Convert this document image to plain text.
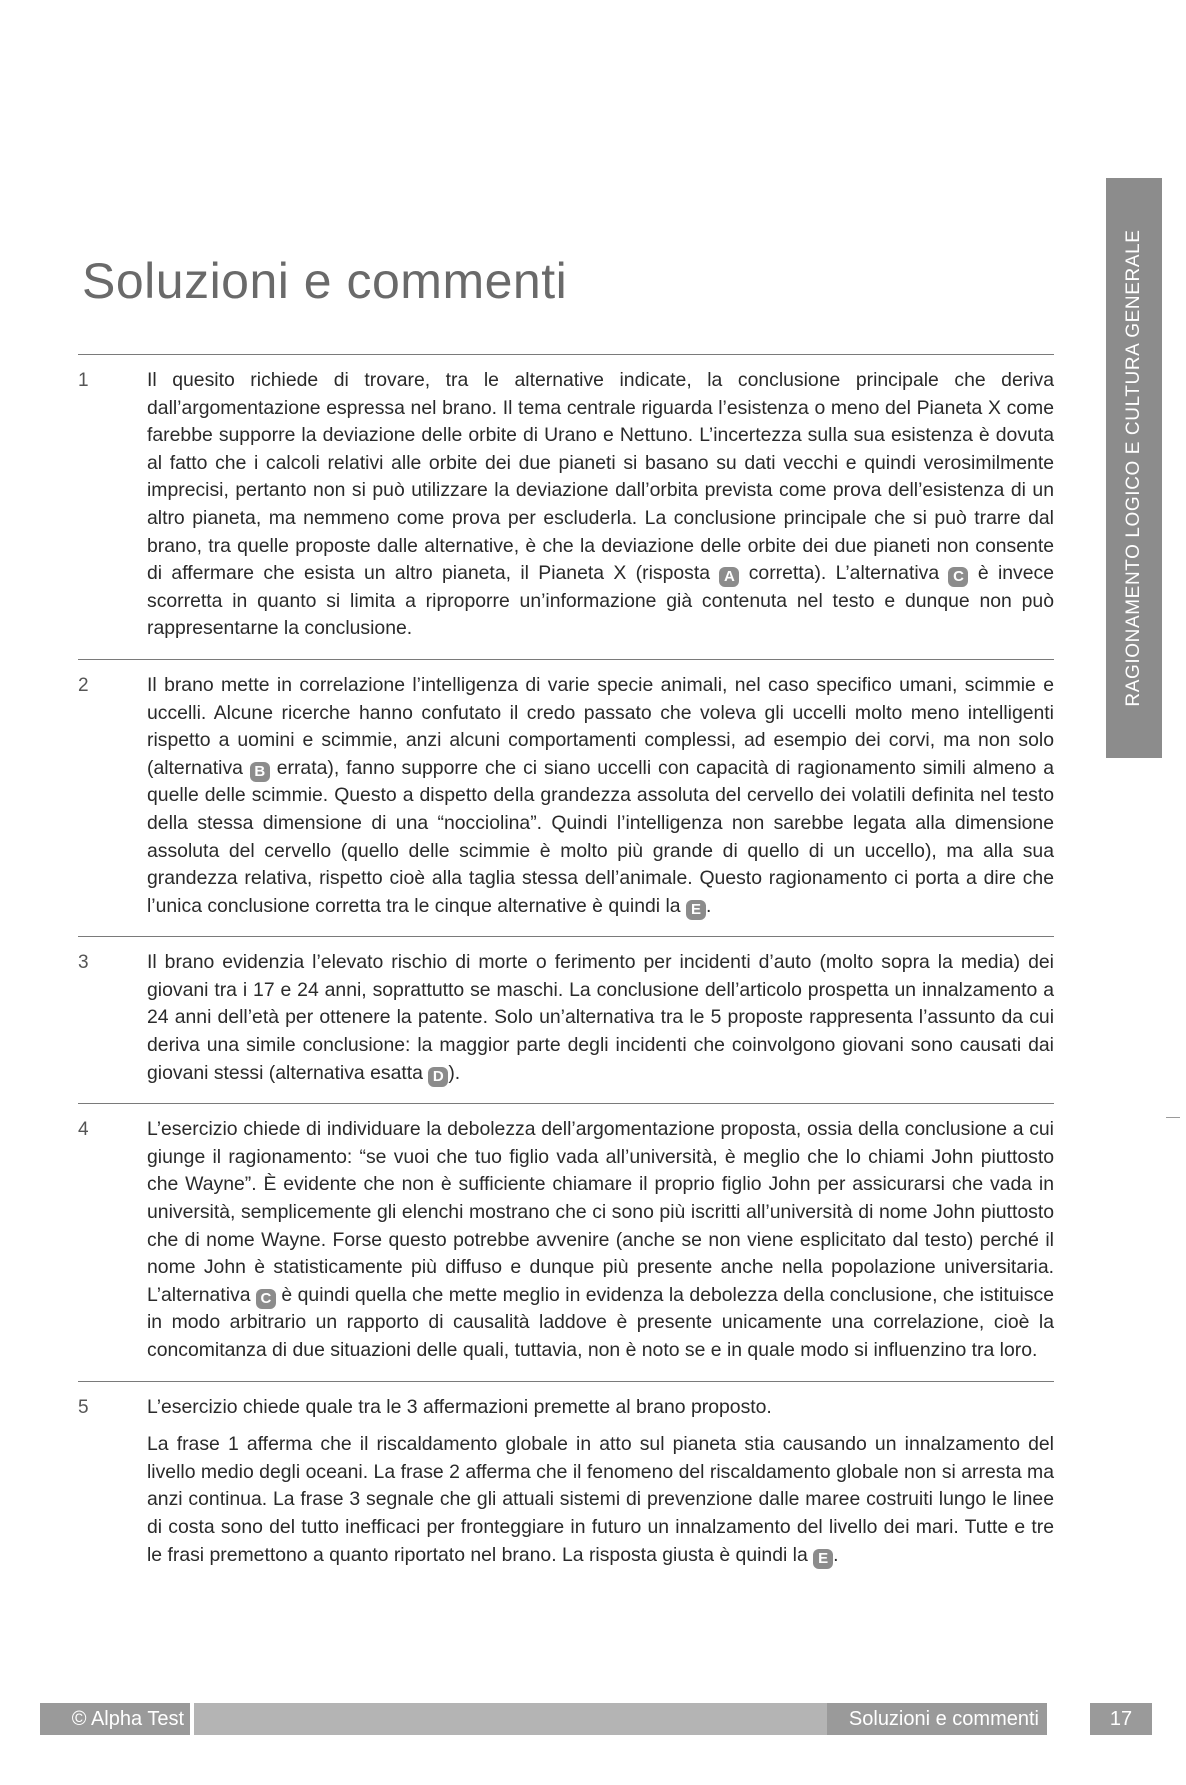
RAGIONAMENTO LOGICO E CULTURA GENERALE
Soluzioni e commenti
1	Il quesito richiede di trovare, tra le alternative indicate, la conclusione principale che deriva dall’argomentazione espressa nel brano. Il tema centrale riguarda l’esistenza o meno del Pianeta X come farebbe supporre la deviazione delle orbite di Urano e Nettuno. L’incertezza sulla sua esistenza è dovuta al fatto che i calcoli relativi alle orbite dei due pianeti si basano su dati vecchi e quindi verosimilmente imprecisi, pertanto non si può utilizzare la deviazione dall’orbita prevista come prova dell’esistenza di un altro pianeta, ma nemmeno come prova per escluderla. La conclusione principale che si può trarre dal brano, tra quelle proposte dalle alternative, è che la deviazione delle orbite dei due pianeti non consente di affermare che esista un altro pianeta, il Pianeta X (risposta A corretta). L’alternativa C è invece scorretta in quanto si limita a riproporre un’informazione già contenuta nel testo e dunque non può rappresentarne la conclusione.

2	Il brano mette in correlazione l’intelligenza di varie specie animali, nel caso specifico umani, scimmie e uccelli. Alcune ricerche hanno confutato il credo passato che voleva gli uccelli molto meno intelligenti rispetto a uomini e scimmie, anzi alcuni comportamenti complessi, ad esempio dei corvi, ma non solo (alternativa B errata), fanno supporre che ci siano uccelli con capacità di ragionamento simili almeno a quelle delle scimmie. Questo a dispetto della grandezza assoluta del cervello dei volatili definita nel testo della stessa dimensione di una “nocciolina”. Quindi l’intelligenza non sarebbe legata alla dimensione assoluta del cervello (quello delle scimmie è molto più grande di quello di un uccello), ma alla sua grandezza relativa, rispetto cioè alla taglia stessa dell’animale. Questo ragionamento ci porta a dire che l’unica conclusione corretta tra le cinque alternative è quindi la E .

3	Il brano evidenzia l’elevato rischio di morte o ferimento per incidenti d’auto (molto sopra la media) dei giovani tra i 17 e 24 anni, soprattutto se maschi. La conclusione dell’articolo prospetta un innalzamento a 24 anni dell’età per ottenere la patente. Solo un’alternativa tra le 5 proposte rappresenta l’assunto da cui deriva una simile conclusione: la maggior parte degli incidenti che coinvolgono giovani sono causati dai giovani stessi (alternativa esatta D ).

4	L’esercizio chiede di individuare la debolezza dell’argomentazione proposta, ossia della conclusione a cui giunge il ragionamento: “se vuoi che tuo figlio vada all’università, è meglio che lo chiami John piuttosto che Wayne”. È evidente che non è sufficiente chiamare il proprio figlio John per assicurarsi che vada in università, semplicemente gli elenchi mostrano che ci sono più iscritti all’università di nome John piuttosto che di nome Wayne. Forse questo potrebbe avvenire (anche se non viene esplicitato dal testo) perché il nome John è statisticamente più diffuso e dunque più presente anche nella popolazione universitaria. L’alternativa C è quindi quella che mette meglio in evidenza la debolezza della conclusione, che istituisce in modo arbitrario un rapporto di causalità laddove è presente unicamente una correlazione, cioè la concomitanza di due situazioni delle quali, tuttavia, non è noto se e in quale modo si influenzino tra loro.

5	L’esercizio chiede quale tra le 3 affermazioni premette al brano proposto.

La frase 1 afferma che il riscaldamento globale in atto sul pianeta stia causando un innalzamento del livello medio degli oceani. La frase 2 afferma che il fenomeno del riscaldamento globale non si arresta ma anzi continua. La frase 3 segnale che gli attuali sistemi di prevenzione dalle maree costruiti lungo le linee di costa sono del tutto inefficaci per fronteggiare in futuro un innalzamento del livello dei mari. Tutte e tre le frasi premettono a quanto riportato nel brano. La risposta giusta è quindi la E .

© Alpha Test	Soluzioni e commenti	17
